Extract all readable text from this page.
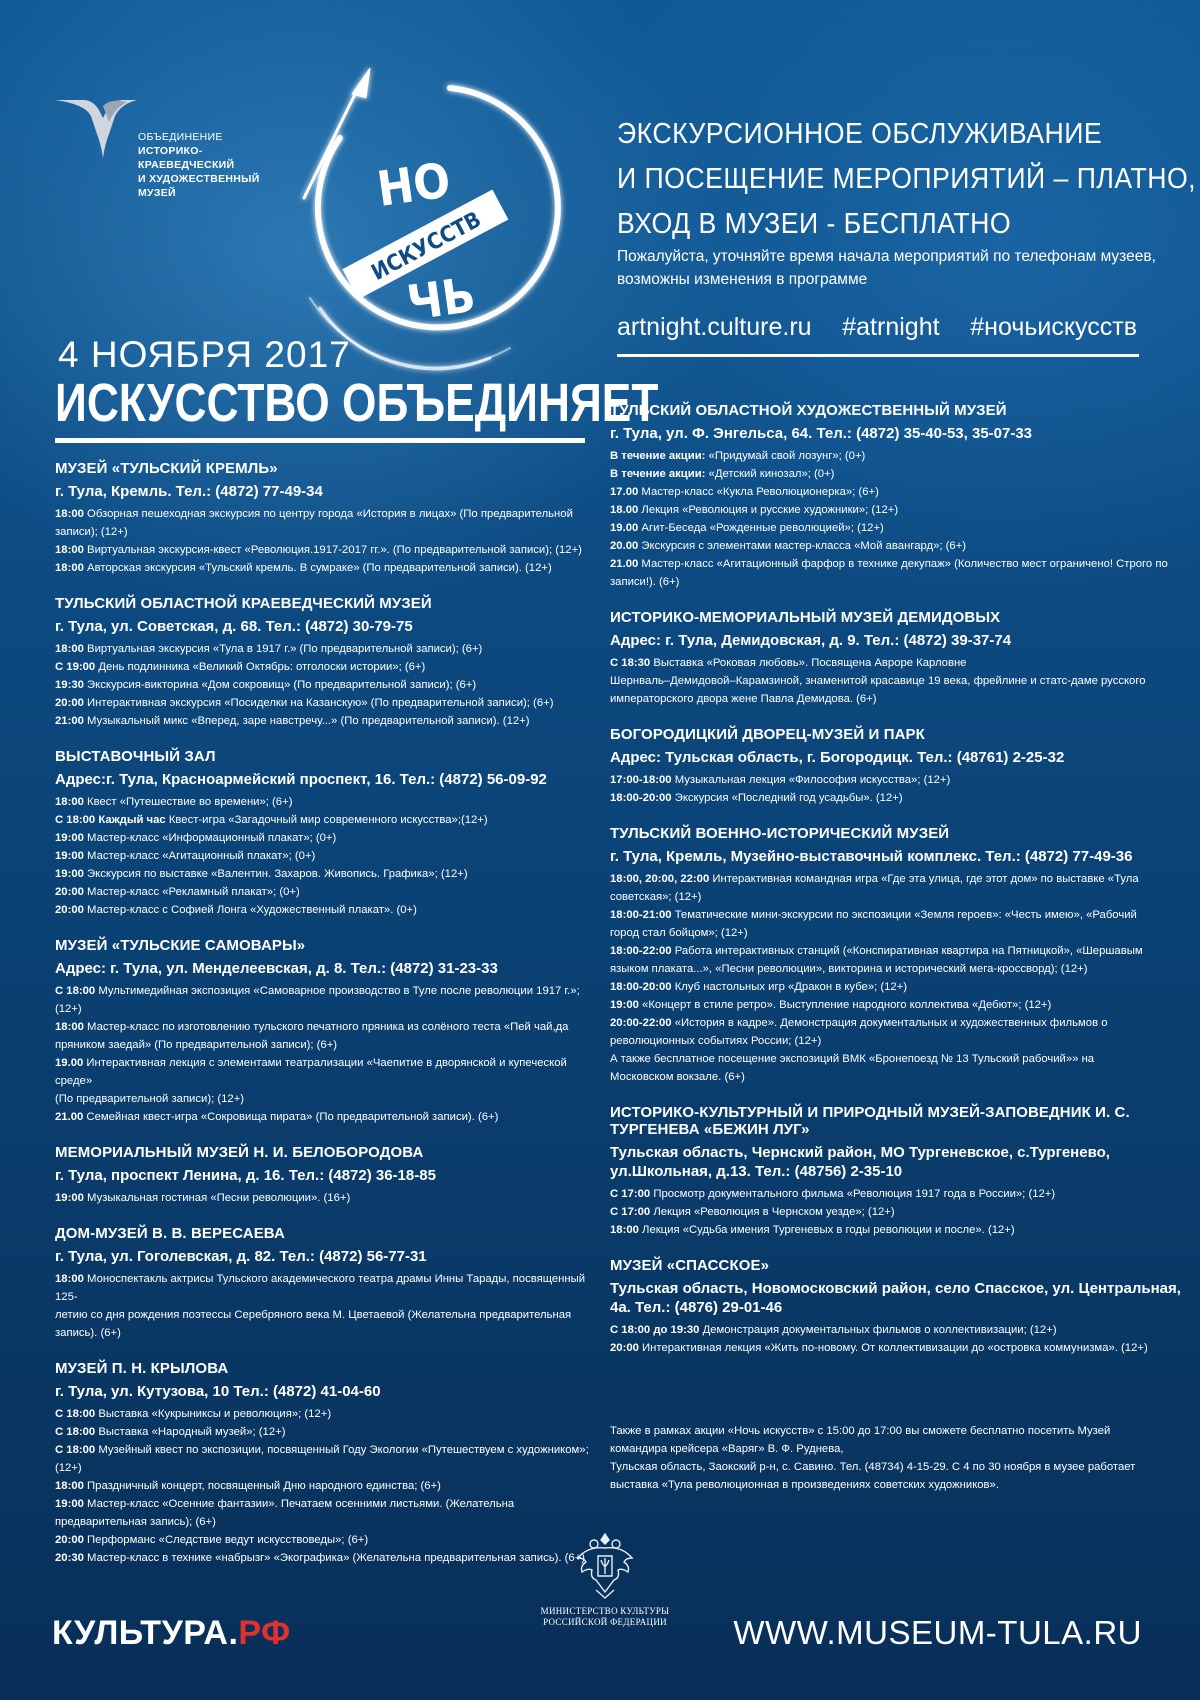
ОБЪЕДИНЕНИЕ
ИСТОРИКО-
КРАЕВЕДЧЕСКИЙ
И ХУДОЖЕСТВЕННЫЙ
МУЗЕЙ	НО
ИСКУССТВ
ЧЬ
4 НОЯБРЯ 2017
ИСКУССТВО ОБЪЕДИНЯЕТ
ЭКСКУРСИОННОЕ ОБСЛУЖИВАНИЕ
И ПОСЕЩЕНИЕ МЕРОПРИЯТИЙ – ПЛАТНО,
ВХОД В МУЗЕИ - БЕСПЛАТНО
Пожалуйста, уточняйте время начала мероприятий по телефонам музеев,
возможны изменения в программе
artnight.culture.ru #atrnight #ночьискусств
МУЗЕЙ «ТУЛЬСКИЙ КРЕМЛЬ»
г. Тула, Кремль. Тел.: (4872) 77-49-34
18:00 Обзорная пешеходная экскурсия по центру города «История в лицах» (По предварительной
записи); (12+)
18:00 Виртуальная экскурсия-квест «Революция.1917-2017 гг.». (По предварительной записи); (12+)
18:00 Авторская экскурсия «Тульский кремль. В сумраке» (По предварительной записи). (12+)
ТУЛЬСКИЙ ОБЛАСТНОЙ КРАЕВЕДЧЕСКИЙ МУЗЕЙ
г. Тула, ул. Советская, д. 68. Тел.: (4872) 30-79-75
18:00 Виртуальная экскурсия «Тула в 1917 г.» (По предварительной записи); (6+)
С 19:00 День подлинника «Великий Октябрь: отголоски истории»; (6+)
19:30 Экскурсия-викторина «Дом сокровищ» (По предварительной записи); (6+)
20:00 Интерактивная экскурсия «Посиделки на Казанскую» (По предварительной записи); (6+)
21:00 Музыкальный микс «Вперед, заре навстречу...» (По предварительной записи). (12+)
ВЫСТАВОЧНЫЙ ЗАЛ
Адрес:г. Тула, Красноармейский проспект, 16. Тел.: (4872) 56-09-92
18:00 Квест «Путешествие во времени»; (6+)
С 18:00 Каждый час Квест-игра «Загадочный мир современного искусства»;(12+)
19:00 Мастер-класс «Информационный плакат»; (0+)
19:00 Мастер-класс «Агитационный плакат»; (0+)
19:00 Экскурсия по выставке «Валентин. Захаров. Живопись. Графика»; (12+)
20:00 Мастер-класс «Рекламный плакат»; (0+)
20:00 Мастер-класс с Софией Лонга «Художественный плакат». (0+)
МУЗЕЙ «ТУЛЬСКИЕ САМОВАРЫ»
Адрес: г. Тула, ул. Менделеевская, д. 8. Тел.: (4872) 31-23-33
С 18:00 Мультимедийная экспозиция «Самоварное производство в Туле после революции 1917 г.»; (12+)
18:00 Мастер-класс по изготовлению тульского печатного пряника из солёного теста «Пей чай,да
пряником заедай» (По предварительной записи); (6+)
19.00 Интерактивная лекция с элементами театрализации «Чаепитие в дворянской и купеческой среде»
(По предварительной записи); (12+)
21.00 Семейная квест-игра «Сокровища пирата» (По предварительной записи). (6+)
МЕМОРИАЛЬНЫЙ МУЗЕЙ Н. И. БЕЛОБОРОДОВА
г. Тула, проспект Ленина, д. 16. Тел.: (4872) 36-18-85
19:00 Музыкальная гостиная «Песни революции». (16+)
ДОМ-МУЗЕЙ В. В. ВЕРЕСАЕВА
г. Тула, ул. Гоголевская, д. 82. Тел.: (4872) 56-77-31
18:00 Моноспектакль актрисы Тульского академического театра драмы Инны Тарады, посвященный 125-
летию со дня рождения поэтессы Серебряного века М. Цветаевой (Желательна предварительная запись). (6+)
МУЗЕЙ П. Н. КРЫЛОВА
г. Тула, ул. Кутузова, 10 Тел.: (4872) 41-04-60
С 18:00 Выставка «Кукрыниксы и революция»; (12+)
С 18:00 Выставка «Народный музей»; (12+)
С 18:00 Музейный квест по экспозиции, посвященный Году Экологии «Путешествуем с художником»; (12+)
18:00 Праздничный концерт, посвященный Дню народного единства; (6+)
19:00 Мастер-класс «Осенние фантазии». Печатаем осенними листьями. (Желательна предварительная запись); (6+)
20:00 Перформанс «Следствие ведут искусствоведы»; (6+)
20:30 Мастер-класс в технике «набрызг» «Экографика» (Желательна предварительная запись). (6+)
ТУЛЬСКИЙ ОБЛАСТНОЙ ХУДОЖЕСТВЕННЫЙ МУЗЕЙ
г. Тула, ул. Ф. Энгельса, 64. Тел.: (4872) 35-40-53, 35-07-33
В течение акции: «Придумай свой лозунг»; (0+)
В течение акции: «Детский кинозал»; (0+)
17.00 Мастер-класс «Кукла Революционерка»; (6+)
18.00 Лекция «Революция и русские художники»; (12+)
19.00 Агит-Беседа «Рожденные революцией»; (12+)
20.00 Экскурсия с элементами мастер-класса «Мой авангард»; (6+)
21.00 Мастер-класс «Агитационный фарфор в технике декупаж» (Количество мест ограничено! Строго по записи!). (6+)
ИСТОРИКО-МЕМОРИАЛЬНЫЙ МУЗЕЙ ДЕМИДОВЫХ
Адрес: г. Тула, Демидовская, д. 9. Тел.: (4872) 39-37-74
С 18:30 Выставка «Роковая любовь». Посвящена Авроре Карловне
Шернваль–Демидовой–Карамзиной, знаменитой красавице 19 века, фрейлине и статс-даме русского
императорского двора жене Павла Демидова. (6+)
БОГОРОДИЦКИЙ ДВОРЕЦ-МУЗЕЙ И ПАРК
Адрес: Тульская область, г. Богородицк. Тел.: (48761) 2-25-32
17:00-18:00 Музыкальная лекция «Философия искусства»; (12+)
18:00-20:00 Экскурсия «Последний год усадьбы». (12+)
ТУЛЬСКИЙ ВОЕННО-ИСТОРИЧЕСКИЙ МУЗЕЙ
г. Тула, Кремль, Музейно-выставочный комплекс. Тел.: (4872) 77-49-36
18:00, 20:00, 22:00 Интерактивная командная игра «Где эта улица, где этот дом» по выставке «Тула
советская»; (12+)
18:00-21:00 Тематические мини-экскурсии по экспозиции «Земля героев»: «Честь имею», «Рабочий
город стал бойцом»; (12+)
18:00-22:00 Работа интерактивных станций («Конспиративная квартира на Пятницкой», «Шершавым
языком плаката...», «Песни революции», викторина и исторический мега-кроссворд); (12+)
18:00-20:00 Клуб настольных игр «Дракон в кубе»; (12+)
19:00 «Концерт в стиле ретро». Выступление народного коллектива «Дебют»; (12+)
20:00-22:00 «История в кадре». Демонстрация документальных и художественных фильмов о
революционных событиях России; (12+)
А также бесплатное посещение экспозиций ВМК «Бронепоезд № 13 Тульский рабочий»» на
Московском вокзале. (6+)
ИСТОРИКО-КУЛЬТУРНЫЙ И ПРИРОДНЫЙ МУЗЕЙ-ЗАПОВЕДНИК И. С. ТУРГЕНЕВА «БЕЖИН ЛУГ»
Тульская область, Чернский район, МО Тургеневское, с.Тургенево, ул.Школьная, д.13. Тел.: (48756) 2-35-10
С 17:00 Просмотр документального фильма «Революция 1917 года в России»; (12+)
С 17:00 Лекция «Революция в Чернском уезде»; (12+)
18:00 Лекция «Судьба имения Тургеневых в годы революции и после». (12+)
МУЗЕЙ «СПАССКОЕ»
Тульская область, Новомосковский район, село Спасское, ул. Центральная, 4а. Тел.: (4876) 29-01-46
С 18:00 до 19:30 Демонстрация документальных фильмов о коллективизации; (12+)
20:00 Интерактивная лекция «Жить по-новому. От коллективизации до «островка коммунизма». (12+)
Также в рамках акции «Ночь искусств» с 15:00 до 17:00 вы сможете бесплатно посетить Музей
командира крейсера «Варяг» В. Ф. Руднева,
Тульская область, Заокский р-н, с. Савино. Тел. (48734) 4-15-29. С 4 по 30 ноября в музее работает
выставка «Тула революционная в произведениях советских художников».
КУЛЬТУРА.РФ
МИНИСТЕРСТВО КУЛЬТУРЫ
РОССИЙСКОЙ ФЕДЕРАЦИИ	WWW.MUSEUM-TULA.RU
